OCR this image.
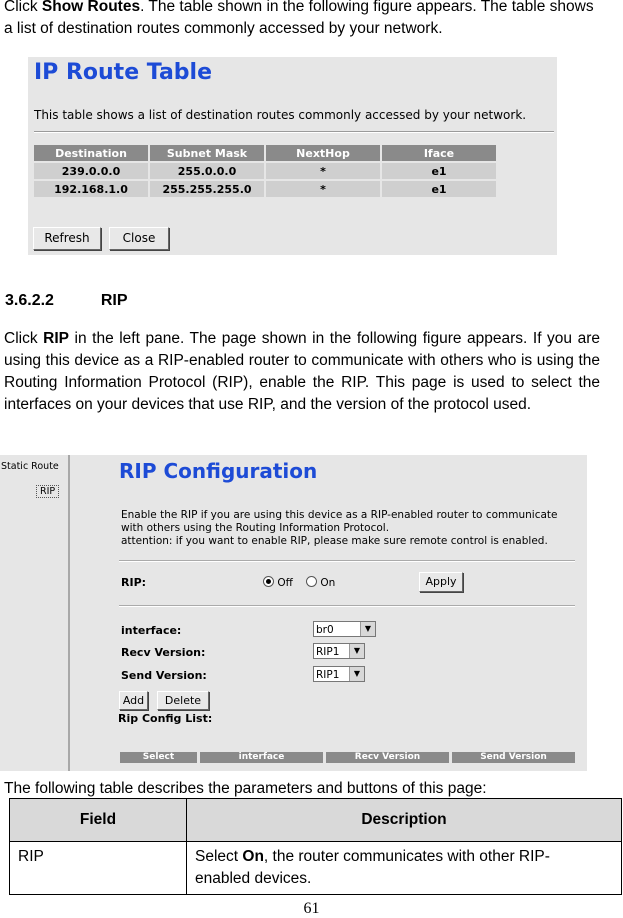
Click Show Routes. The table shown in the following figure appears. The table shows a list of destination routes commonly accessed by your network.
IP Route Table
This table shows a list of destination routes commonly accessed by your network.
Destination	Subnet Mask	NextHop	Iface
239.0.0.0	255.0.0.0	*	e1
192.168.1.0	255.255.255.0	*	e1
Refresh	Close
3.6.2.2	RIP
Click RIP in the left pane. The page shown in the following figure appears. If you are using this device as a RIP-enabled router to communicate with others who is using the Routing Information Protocol (RIP), enable the RIP. This page is used to select the interfaces on your devices that use RIP, and the version of the protocol used.
Static Route
RIP
RIP Configuration
Enable the RIP if you are using this device as a RIP-enabled router to communicate
with others using the Routing Information Protocol.
attention: if you want to enable RIP, please make sure remote control is enabled.
RIP:	Off	On	Apply
interface:	br0	▼
Recv Version:	RIP1	▼
Send Version:	RIP1	▼
Add	Delete
Rip Config List:
Select	interface	Recv Version	Send Version
The following table describes the parameters and buttons of this page:
Field	Description
RIP	Select On, the router communicates with other RIP-enabled devices.
61
